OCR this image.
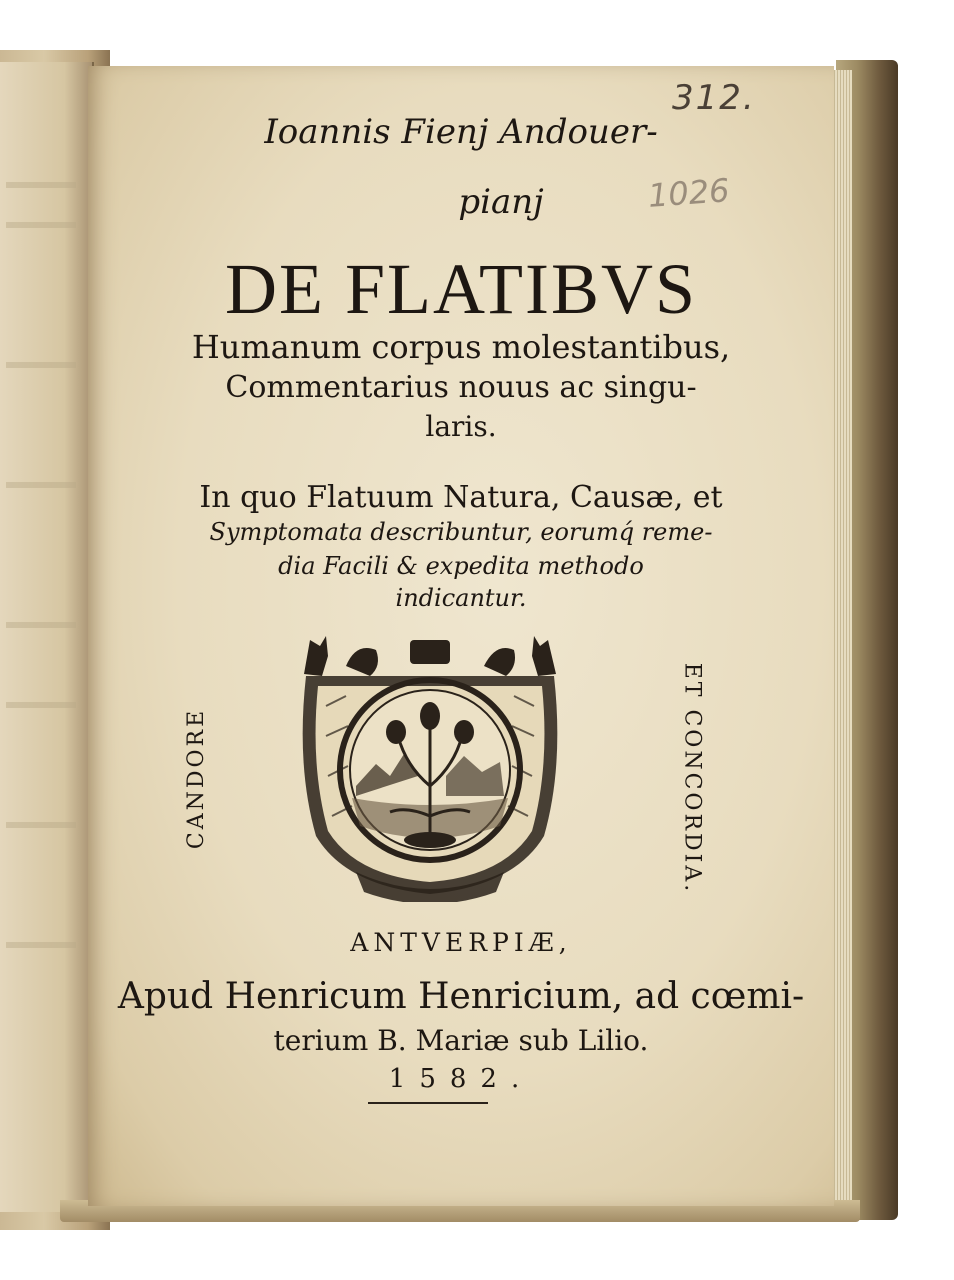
312.
1026
Ioannis Fienj Andouer-
pianj
DE FLATIBVS
Humanum corpus molestantibus,
Commentarius nouus ac singu-
laris.
In quo Flatuum Natura, Causæ, et
Symptomata describuntur, eorumq́ reme-
dia Facili & expedita methodo
indicantur.
CANDORE	ET CONCORDIA.
ANTVERPIÆ,
Apud Henricum Henricium, ad cœmi-
terium B. Mariæ sub Lilio.
1582.
